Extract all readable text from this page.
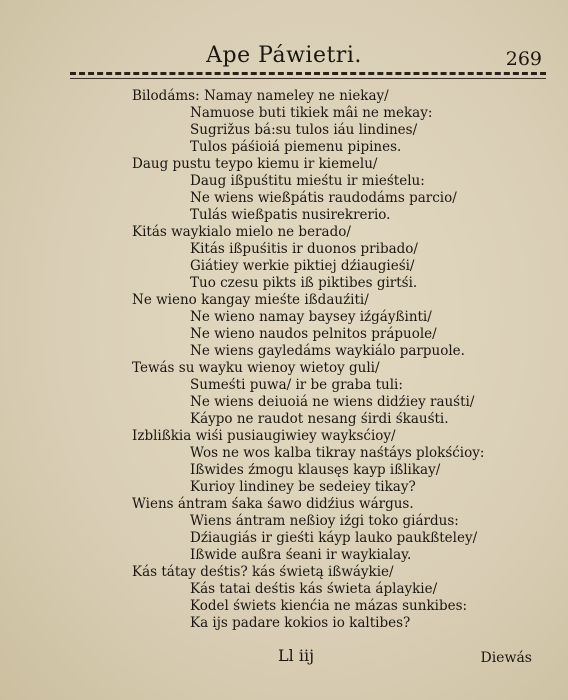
Ape Páwietri.	269
Bilodáms: Namay nameley ne niekay/
Namuose buti tikiek mâi ne mekay:
Sugrižus bá:su tulos iáu lindines/
Tulos páśioiá piemenu pipines.
Daug pustu teypo kiemu ir kiemelu/
Daug ißpuśtitu mieśtu ir mieśtelu:
Ne wiens wießpátis raudodáms parcio/
Tulás wießpatis nusirekrerio.
Kitás waykialo mielo ne berado/
Kitás ißpuśitis ir duonos pribado/
Giátiey werkie piktiej dźiaugieśi/
Tuo czesu pikts iß piktibes girtśi.
Ne wieno kangay mieśte ißdauźiti/
Ne wieno namay baysey iźgáyßinti/
Ne wieno naudos pelnitos prápuole/
Ne wiens gayledáms waykiálo parpuole.
Tewás su wayku wienoy wietoy guli/
Sumeśti puwa/ ir be graba tuli:
Ne wiens deiuoiá ne wiens didźiey rauśti/
Káypo ne raudot nesang śirdi śkauśti.
Izblißkia wiśi pusiaugiwiey wayksćioy/
Wos ne wos kalba tikray naśtáys plokśćioy:
Ißwides źmogu klausęs kayp ißlikay/
Kurioy lindiney be sedeiey tikay?
Wiens ántram śaka śawo didźius wárgus.
Wiens ántram neßioy iźgi toko giárdus:
Dźiaugiás ir gieśti káyp lauko paukßteley/
Ißwide außra śeani ir waykialay.
Kás tátay deśtis? kás świetą ißwáykie/
Kás tatai deśtis kás świeta áplaykie/
Kodel świets kienćia ne mázas sunkibes:
Ka ijs padare kokios io kaltibes?
Ll iij	Diewás
